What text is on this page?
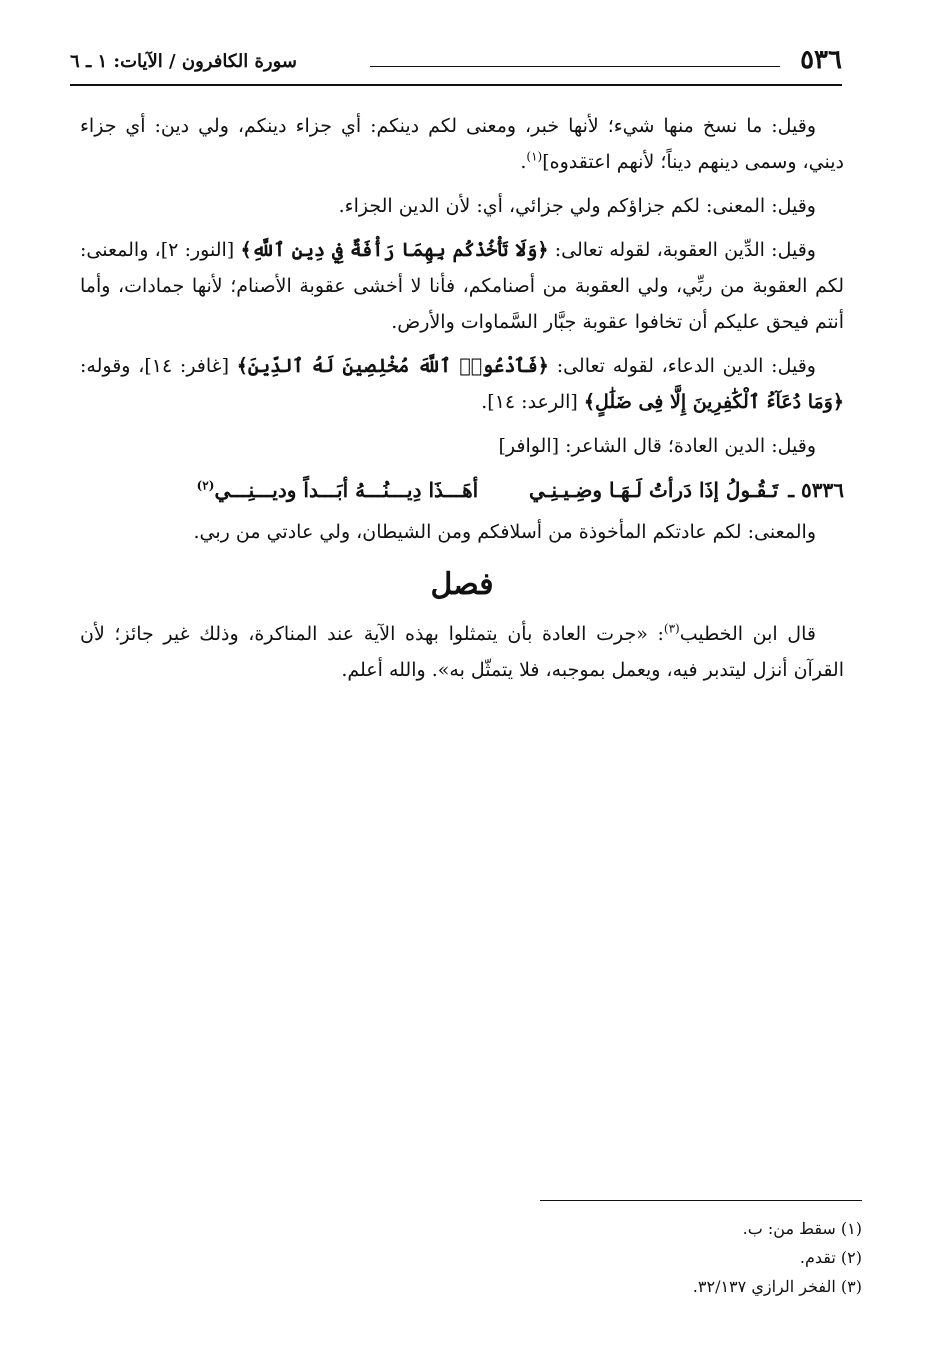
٥٣٦
سورة الكافرون / الآيات: ١ ـ ٦

وقيل: ما نسخ منها شيء؛ لأنها خبر، ومعنى لكم دينكم: أي جزاء دينكم، ولي دين: أي جزاء ديني، وسمى دينهم ديناً؛ لأنهم اعتقدوه]$^{(١)}$.

وقيل: المعنى: لكم جزاؤكم ولي جزائي، أي: لأن الدين الجزاء.

وقيل: الدِّين العقوبة، لقوله تعالى: ﴿وَلَا تَأْخُذْكُم بِهِمَا رَأْفَةٌ فِي دِينِ ٱللَّهِ﴾ [النور: ٢]، والمعنى: لكم العقوبة من ربِّي، ولي العقوبة من أصنامكم، فأنا لا أخشى عقوبة الأصنام؛ لأنها جمادات، وأما أنتم فيحق عليكم أن تخافوا عقوبة جبَّار السَّماوات والأرض.

وقيل: الدين الدعاء، لقوله تعالى: ﴿فَٱدْعُوا۟ ٱللَّهَ مُخْلِصِينَ لَهُ ٱلدِّينَ﴾ [غافر: ١٤]، وقوله: ﴿وَمَا دُعَآءُ ٱلْكَٰفِرِينَ إِلَّا فِى ضَلَٰلٍ﴾ [الرعد: ١٤].

وقيل: الدين العادة؛ قال الشاعر: [الوافر]

٥٣٣٦ ـ
تَـقُـولُ إذَا دَرأتُ لَـهَـا وضِـيـنِـي
أهَـــذَا دِيـــنُـــهُ أبَـــداً وديـــنِـــي$^{(٢)}$

والمعنى: لكم عادتكم المأخوذة من أسلافكم ومن الشيطان، ولي عادتي من ربي.

فصل

قال ابن الخطيب$^{(٣)}$: «جرت العادة بأن يتمثلوا بهذه الآية عند المناكرة، وذلك غير جائز؛ لأن القرآن أنزل ليتدبر فيه، ويعمل بموجبه، فلا يتمثّل به». والله أعلم.

(١) سقط من: ب.

(٢) تقدم.

(٣) الفخر الرازي ٣٢/١٣٧.
